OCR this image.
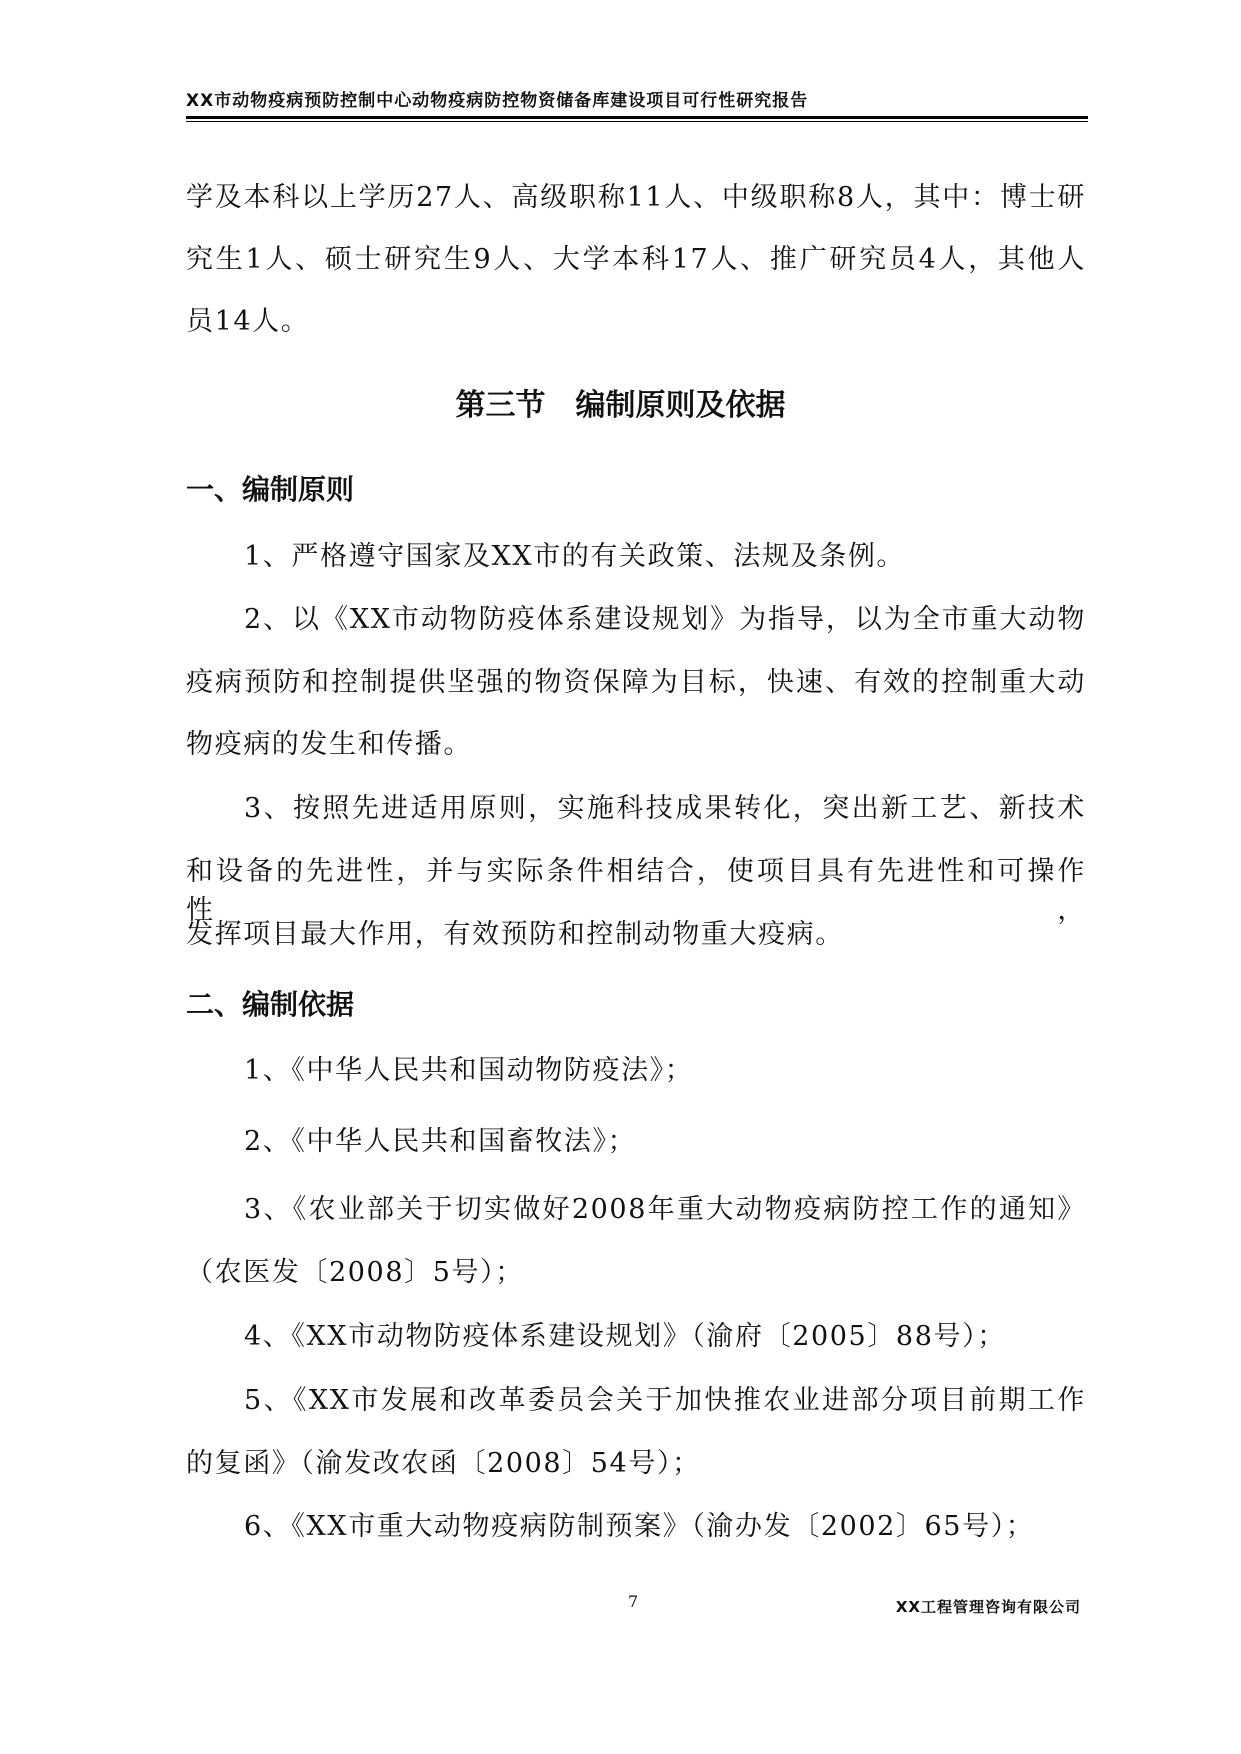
XX市动物疫病预防控制中心动物疫病防控物资储备库建设项目可行性研究报告
学及本科以上学历27人、高级职称11人、中级职称8人，其中：博士研
究生1人、硕士研究生9人、大学本科17人、推广研究员4人，其他人
员14人。
第三节　编制原则及依据
一、编制原则
1、严格遵守国家及XX市的有关政策、法规及条例。
2、以《XX市动物防疫体系建设规划》为指导，以为全市重大动物
疫病预防和控制提供坚强的物资保障为目标，快速、有效的控制重大动
物疫病的发生和传播。
3、按照先进适用原则，实施科技成果转化，突出新工艺、新技术
和设备的先进性，并与实际条件相结合，使项目具有先进性和可操作性，
发挥项目最大作用，有效预防和控制动物重大疫病。
二、编制依据
1、《中华人民共和国动物防疫法》；
2、《中华人民共和国畜牧法》；
3、《农业部关于切实做好2008年重大动物疫病防控工作的通知》
（农医发〔2008〕5号）；
4、《XX市动物防疫体系建设规划》（渝府〔2005〕88号）；
5、《XX市发展和改革委员会关于加快推农业进部分项目前期工作
的复函》（渝发改农函〔2008〕54号）；
6、《XX市重大动物疫病防制预案》（渝办发〔2002〕65号）；
7	XX工程管理咨询有限公司
